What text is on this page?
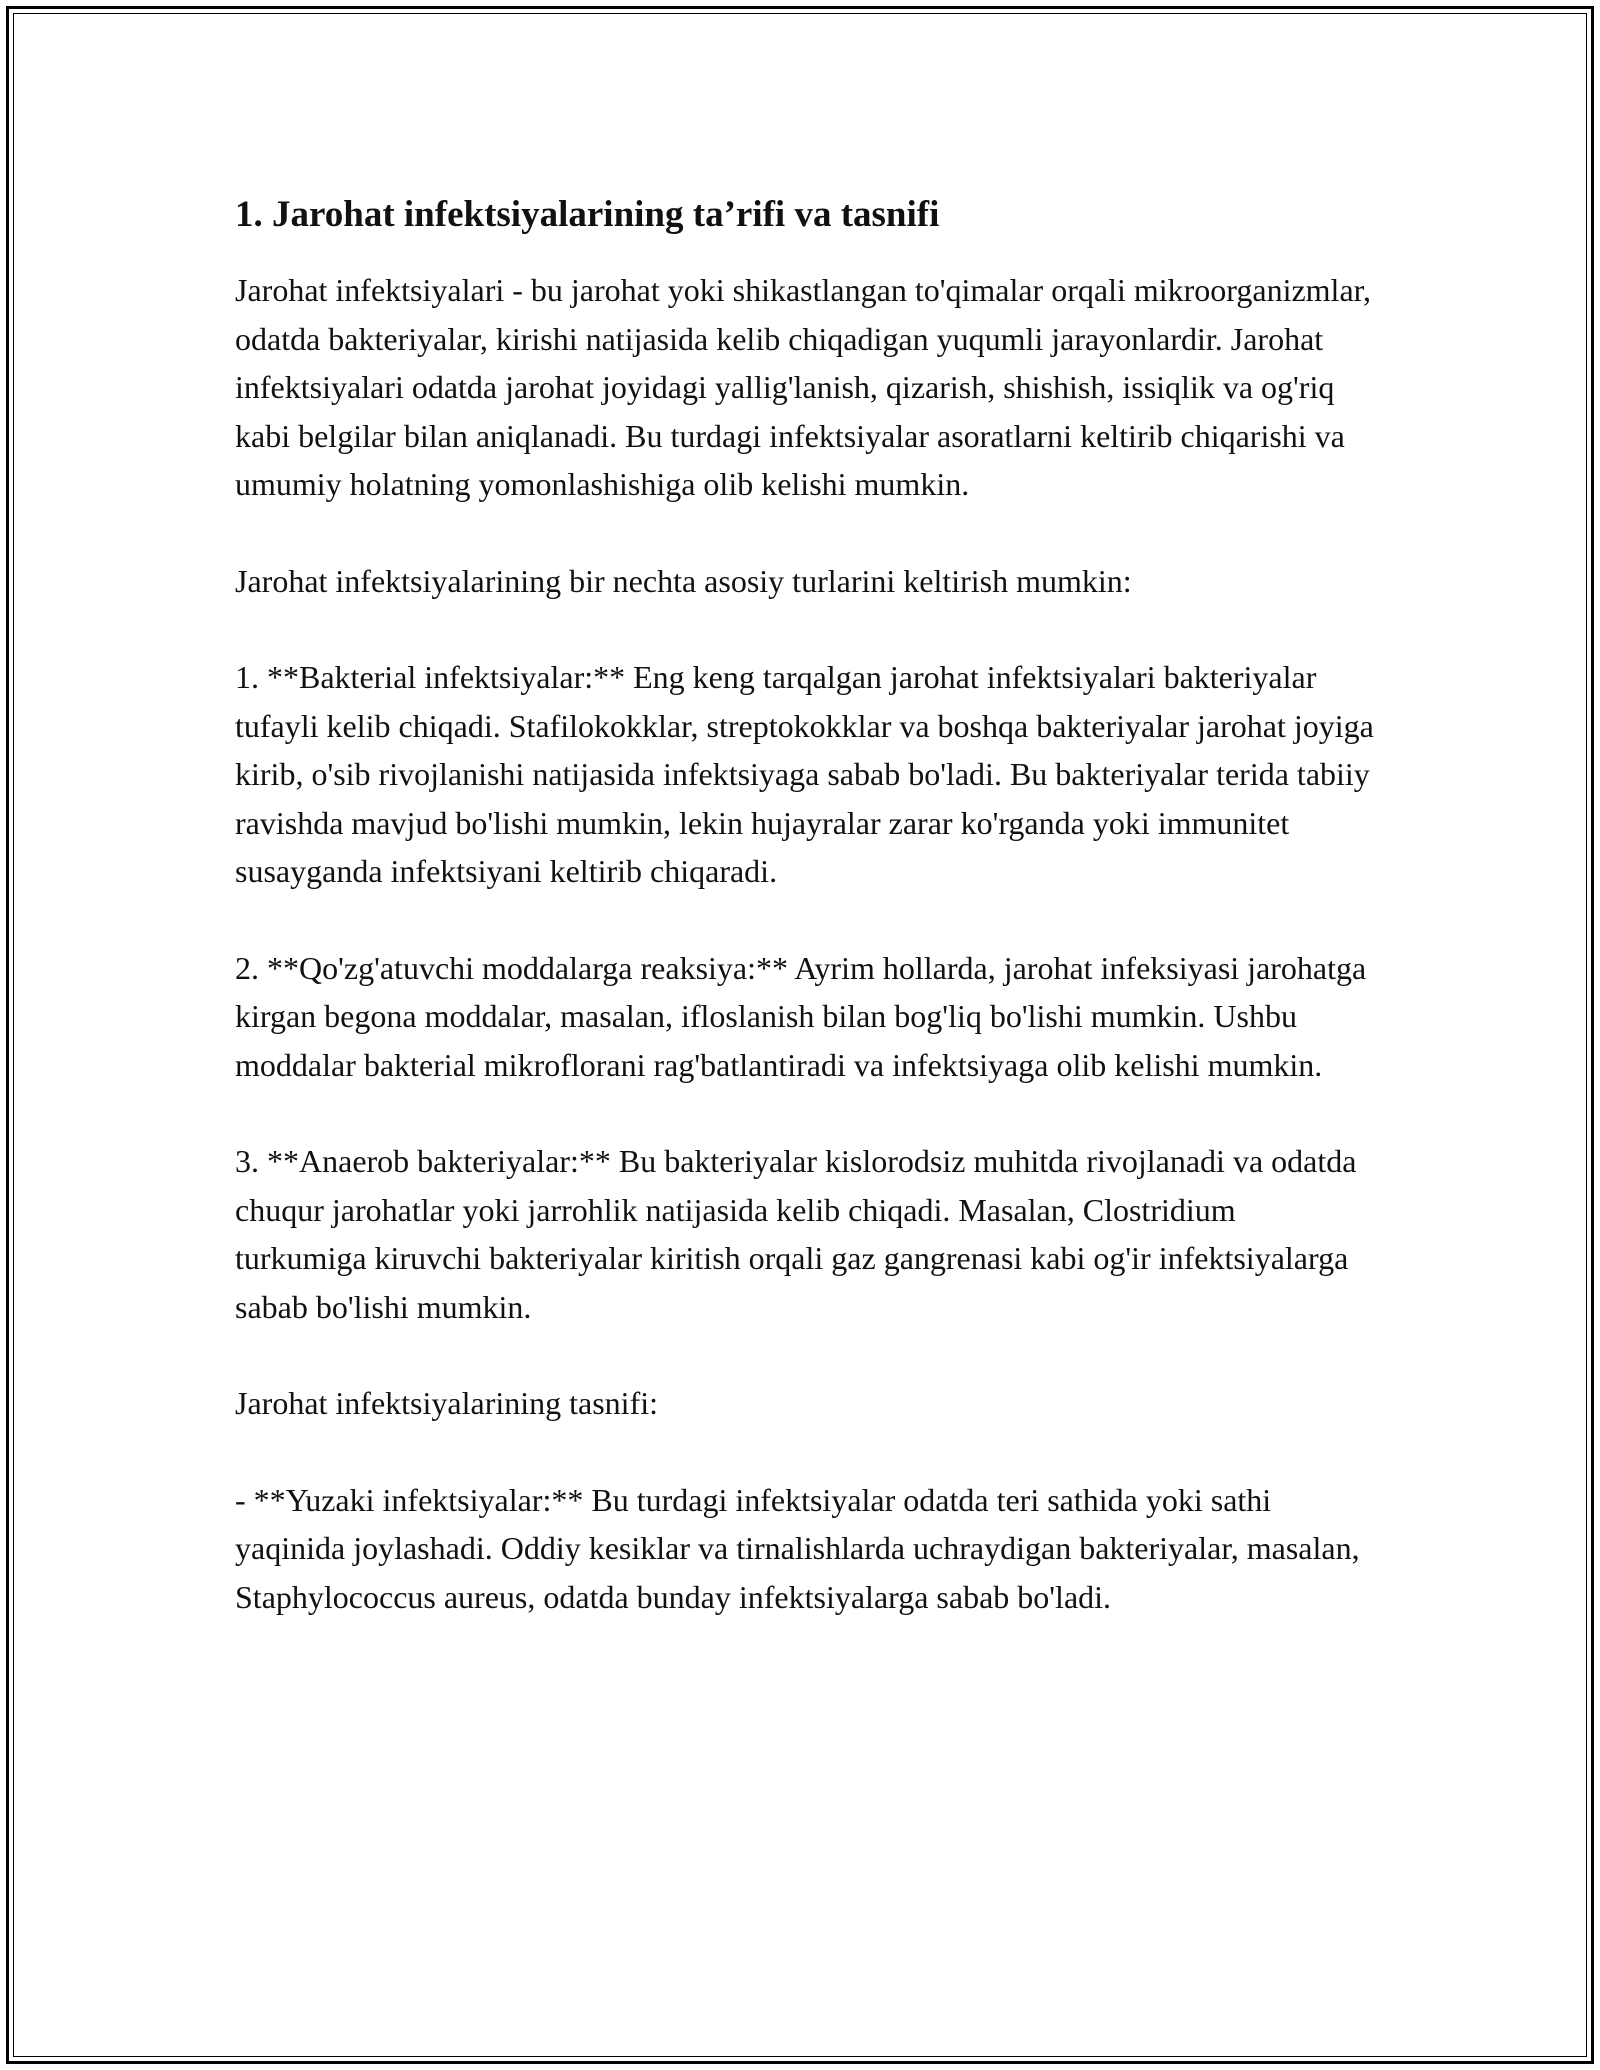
1. Jarohat infektsiyalarining ta’rifi va tasnifi

Jarohat infektsiyalari - bu jarohat yoki shikastlangan to'qimalar orqali mikroorganizmlar, odatda bakteriyalar, kirishi natijasida kelib chiqadigan yuqumli jarayonlardir. Jarohat infektsiyalari odatda jarohat joyidagi yallig'lanish, qizarish, shishish, issiqlik va og'riq kabi belgilar bilan aniqlanadi. Bu turdagi infektsiyalar asoratlarni keltirib chiqarishi va umumiy holatning yomonlashishiga olib kelishi mumkin.

Jarohat infektsiyalarining bir nechta asosiy turlarini keltirish mumkin:

1. **Bakterial infektsiyalar:** Eng keng tarqalgan jarohat infektsiyalari bakteriyalar tufayli kelib chiqadi. Stafilokokklar, streptokokklar va boshqa bakteriyalar jarohat joyiga kirib, o'sib rivojlanishi natijasida infektsiyaga sabab bo'ladi. Bu bakteriyalar terida tabiiy ravishda mavjud bo'lishi mumkin, lekin hujayralar zarar ko'rganda yoki immunitet susayganda infektsiyani keltirib chiqaradi.

2. **Qo'zg'atuvchi moddalarga reaksiya:** Ayrim hollarda, jarohat infeksiyasi jarohatga kirgan begona moddalar, masalan, ifloslanish bilan bog'liq bo'lishi mumkin. Ushbu moddalar bakterial mikroflorani rag'batlantiradi va infektsiyaga olib kelishi mumkin.

3. **Anaerob bakteriyalar:** Bu bakteriyalar kislorodsiz muhitda rivojlanadi va odatda chuqur jarohatlar yoki jarrohlik natijasida kelib chiqadi. Masalan, Clostridium turkumiga kiruvchi bakteriyalar kiritish orqali gaz gangrenasi kabi og'ir infektsiyalarga sabab bo'lishi mumkin.

Jarohat infektsiyalarining tasnifi:

- **Yuzaki infektsiyalar:** Bu turdagi infektsiyalar odatda teri sathida yoki sathi yaqinida joylashadi. Oddiy kesiklar va tirnalishlarda uchraydigan bakteriyalar, masalan, Staphylococcus aureus, odatda bunday infektsiyalarga sabab bo'ladi.
